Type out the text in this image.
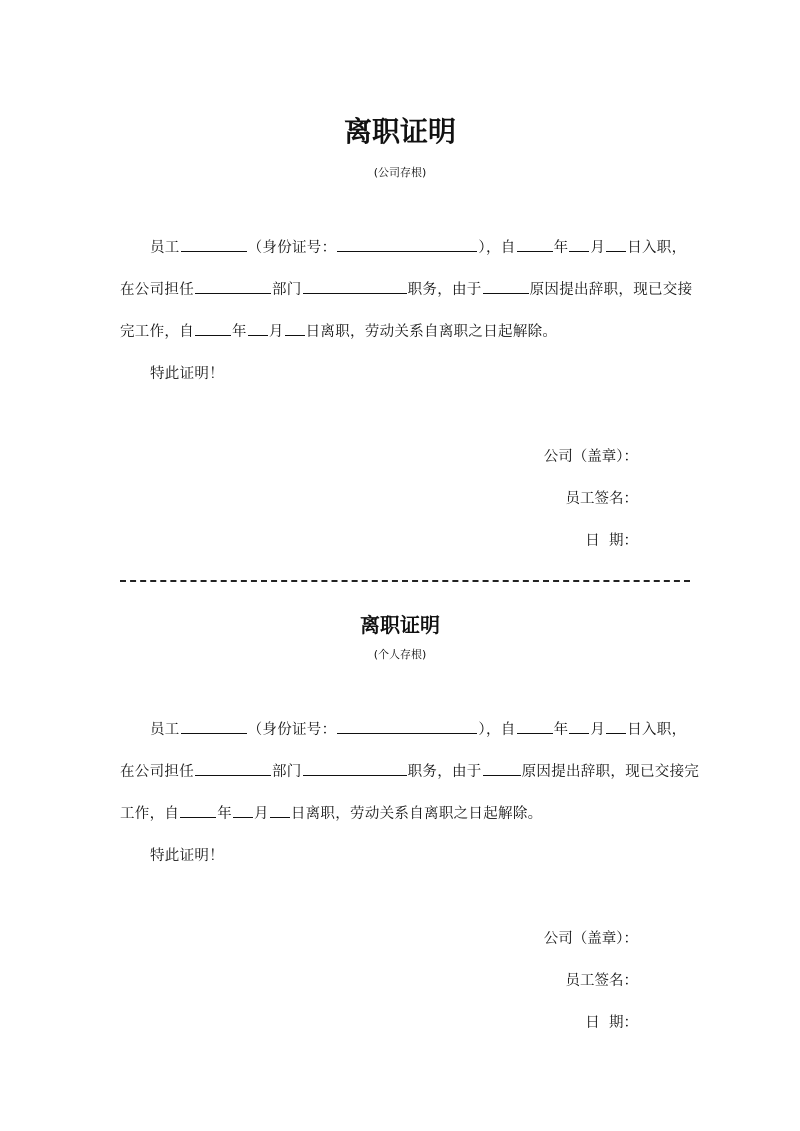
离职证明
(公司存根)
员工	（身份证号：	），自	年 月 日入职，
在公司担任	部门	职务，由于	原因提出辞职，现已交接
完工作，自	年 月 日离职，劳动关系自离职之日起解除。
特此证明！
公司（盖章）：
员工签名：
日  期：
离职证明
(个人存根)
员工	（身份证号：	），自	年 月 日入职，
在公司担任	部门	职务，由于	原因提出辞职，现已交接完
工作，自	年 月 日离职，劳动关系自离职之日起解除。
特此证明！
公司（盖章）：
员工签名：
日  期：
